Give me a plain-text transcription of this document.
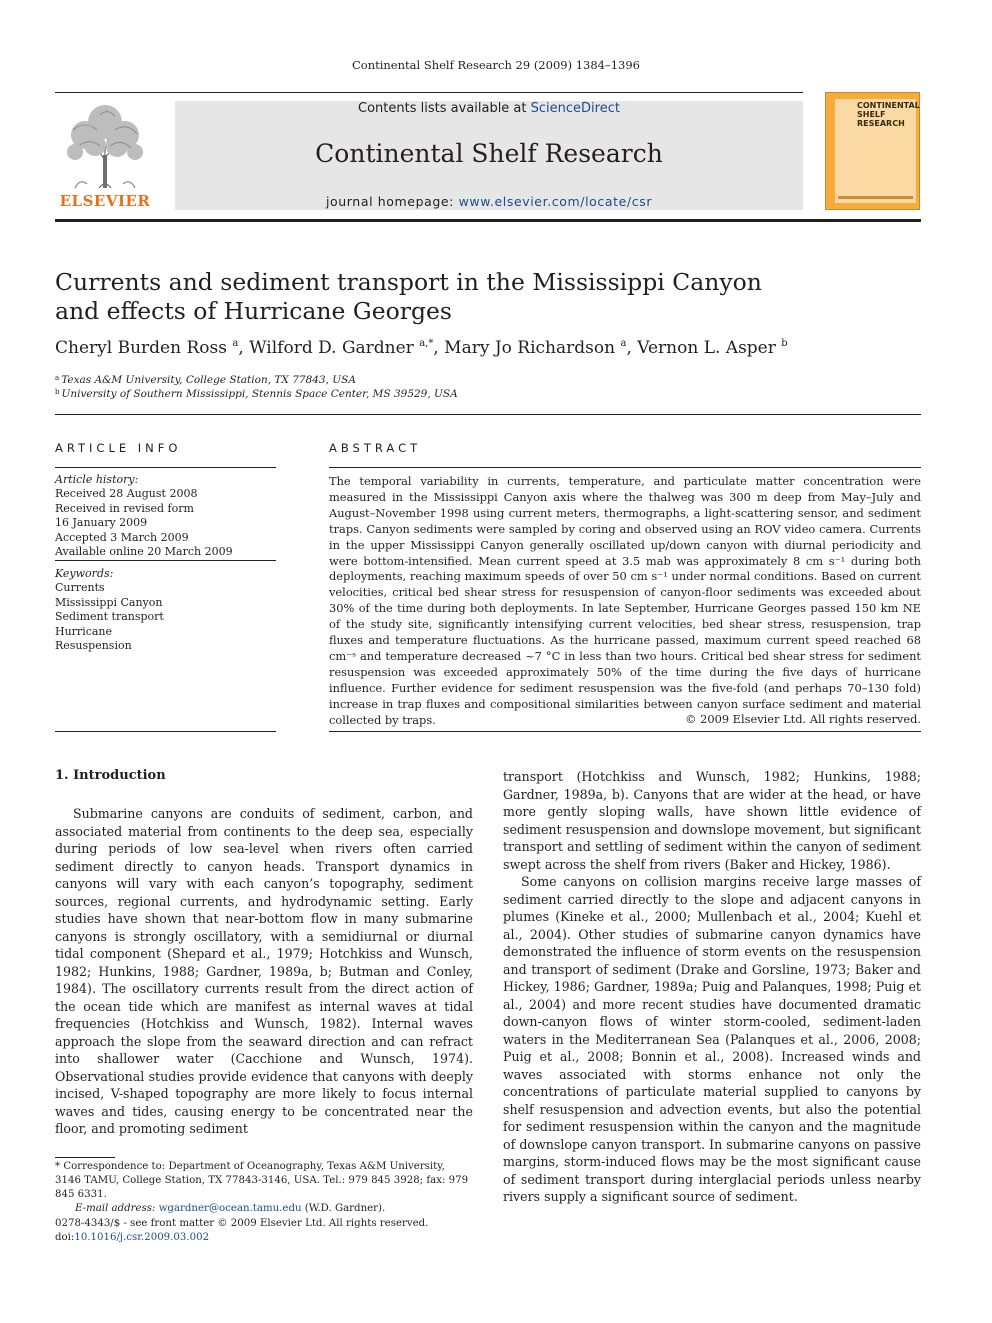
Continental Shelf Research 29 (2009) 1384–1396
ELSEVIER
Contents lists available at ScienceDirect
Continental Shelf Research
journal homepage: www.elsevier.com/locate/csr
CONTINENTAL
SHELF RESEARCH
Currents and sediment transport in the Mississippi Canyon
and effects of Hurricane Georges
Cheryl Burden Ross $^a$, Wilford D. Gardner $^{a,*}$, Mary Jo Richardson $^a$, Vernon L. Asper $^b$
$^a$ Texas A&M University, College Station, TX 77843, USA
$^b$ University of Southern Mississippi, Stennis Space Center, MS 39529, USA
ARTICLE INFO
Article history:
Received 28 August 2008
Received in revised form
16 January 2009
Accepted 3 March 2009
Available online 20 March 2009
Keywords:
Currents
Mississippi Canyon
Sediment transport
Hurricane
Resuspension
ABSTRACT
The temporal variability in currents, temperature, and particulate matter concentration were measured in the Mississippi Canyon axis where the thalweg was 300 m deep from May–July and August–November 1998 using current meters, thermographs, a light-scattering sensor, and sediment traps. Canyon sediments were sampled by coring and observed using an ROV video camera. Currents in the upper Mississippi Canyon generally oscillated up/down canyon with diurnal periodicity and were bottom-intensified. Mean current speed at 3.5 mab was approximately 8 cm s⁻¹ during both deployments, reaching maximum speeds of over 50 cm s⁻¹ under normal conditions. Based on current velocities, critical bed shear stress for resuspension of canyon-floor sediments was exceeded about 30% of the time during both deployments. In late September, Hurricane Georges passed 150 km NE of the study site, significantly intensifying current velocities, bed shear stress, resuspension, trap fluxes and temperature fluctuations. As the hurricane passed, maximum current speed reached 68 cm⁻ˢ and temperature decreased ~7 °C in less than two hours. Critical bed shear stress for sediment resuspension was exceeded approximately 50% of the time during the five days of hurricane influence. Further evidence for sediment resuspension was the five-fold (and perhaps 70–130 fold) increase in trap fluxes and compositional similarities between canyon surface sediment and material collected by traps.	© 2009 Elsevier Ltd. All rights reserved.
1. Introduction

Submarine canyons are conduits of sediment, carbon, and associated material from continents to the deep sea, especially during periods of low sea-level when rivers often carried sediment directly to canyon heads. Transport dynamics in canyons will vary with each canyon’s topography, sediment sources, regional currents, and hydrodynamic setting. Early studies have shown that near-bottom flow in many submarine canyons is strongly oscillatory, with a semidiurnal or diurnal tidal component (Shepard et al., 1979; Hotchkiss and Wunsch, 1982; Hunkins, 1988; Gardner, 1989a, b; Butman and Conley, 1984). The oscillatory currents result from the direct action of the ocean tide which are manifest as internal waves at tidal frequencies (Hotchkiss and Wunsch, 1982). Internal waves approach the slope from the seaward direction and can refract into shallower water (Cacchione and Wunsch, 1974). Observational studies provide evidence that canyons with deeply incised, V-shaped topography are more likely to focus internal waves and tides, causing energy to be concentrated near the floor, and promoting sediment

transport (Hotchkiss and Wunsch, 1982; Hunkins, 1988; Gardner, 1989a, b). Canyons that are wider at the head, or have more gently sloping walls, have shown little evidence of sediment resuspension and downslope movement, but significant transport and settling of sediment within the canyon of sediment swept across the shelf from rivers (Baker and Hickey, 1986).

Some canyons on collision margins receive large masses of sediment carried directly to the slope and adjacent canyons in plumes (Kineke et al., 2000; Mullenbach et al., 2004; Kuehl et al., 2004). Other studies of submarine canyon dynamics have demonstrated the influence of storm events on the resuspension and transport of sediment (Drake and Gorsline, 1973; Baker and Hickey, 1986; Gardner, 1989a; Puig and Palanques, 1998; Puig et al., 2004) and more recent studies have documented dramatic down-canyon flows of winter storm-cooled, sediment-laden waters in the Mediterranean Sea (Palanques et al., 2006, 2008; Puig et al., 2008; Bonnin et al., 2008). Increased winds and waves associated with storms enhance not only the concentrations of particulate material supplied to canyons by shelf resuspension and advection events, but also the potential for sediment resuspension within the canyon and the magnitude of downslope canyon transport. In submarine canyons on passive margins, storm-induced flows may be the most significant cause of sediment transport during interglacial periods unless nearby rivers supply a significant source of sediment.

* Correspondence to: Department of Oceanography, Texas A&M University, 3146 TAMU, College Station, TX 77843-3146, USA. Tel.: 979 845 3928; fax: 979 845 6331.
E-mail address: wgardner@ocean.tamu.edu (W.D. Gardner).
0278-4343/$ - see front matter © 2009 Elsevier Ltd. All rights reserved.
doi:10.1016/j.csr.2009.03.002
